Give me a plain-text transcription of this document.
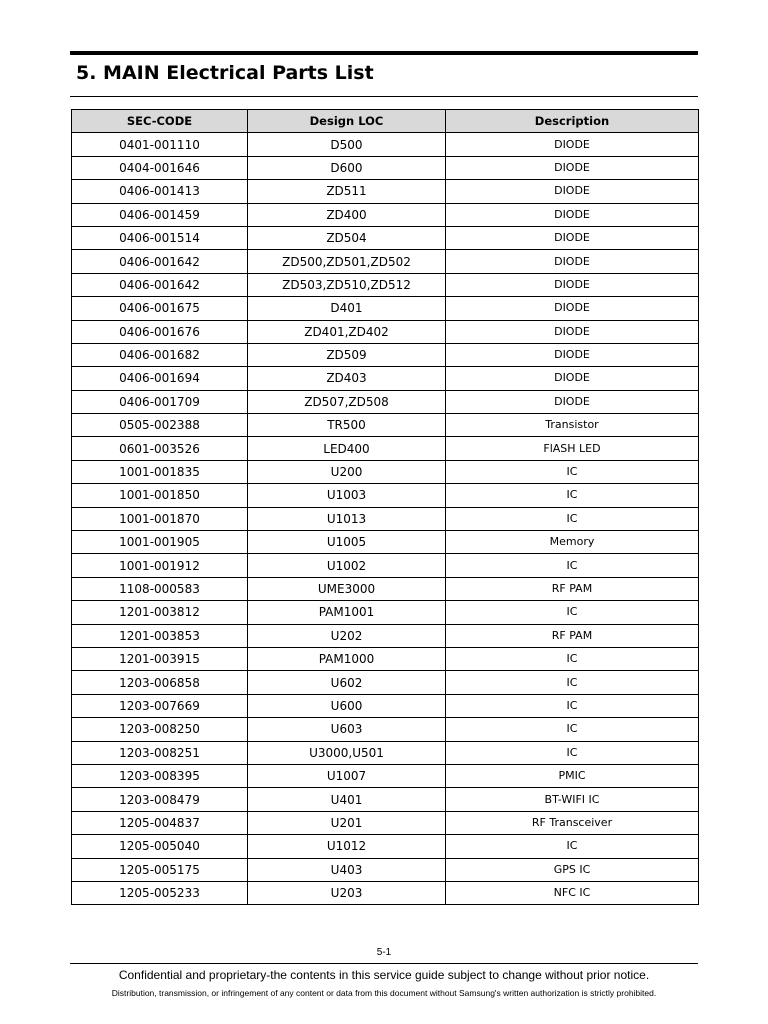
5. MAIN Electrical Parts List
SEC-CODE	Design LOC	Description
0401-001110	D500	DIODE
0404-001646	D600	DIODE
0406-001413	ZD511	DIODE
0406-001459	ZD400	DIODE
0406-001514	ZD504	DIODE
0406-001642	ZD500,ZD501,ZD502	DIODE
0406-001642	ZD503,ZD510,ZD512	DIODE
0406-001675	D401	DIODE
0406-001676	ZD401,ZD402	DIODE
0406-001682	ZD509	DIODE
0406-001694	ZD403	DIODE
0406-001709	ZD507,ZD508	DIODE
0505-002388	TR500	Transistor
0601-003526	LED400	FlASH LED
1001-001835	U200	IC
1001-001850	U1003	IC
1001-001870	U1013	IC
1001-001905	U1005	Memory
1001-001912	U1002	IC
1108-000583	UME3000	RF PAM
1201-003812	PAM1001	IC
1201-003853	U202	RF PAM
1201-003915	PAM1000	IC
1203-006858	U602	IC
1203-007669	U600	IC
1203-008250	U603	IC
1203-008251	U3000,U501	IC
1203-008395	U1007	PMIC
1203-008479	U401	BT-WIFI IC
1205-004837	U201	RF Transceiver
1205-005040	U1012	IC
1205-005175	U403	GPS IC
1205-005233	U203	NFC IC
5-1
Confidential and proprietary-the contents in this service guide subject to change without prior notice.
Distribution, transmission, or infringement of any content or data from this document without Samsung's written authorization is strictly prohibited.
